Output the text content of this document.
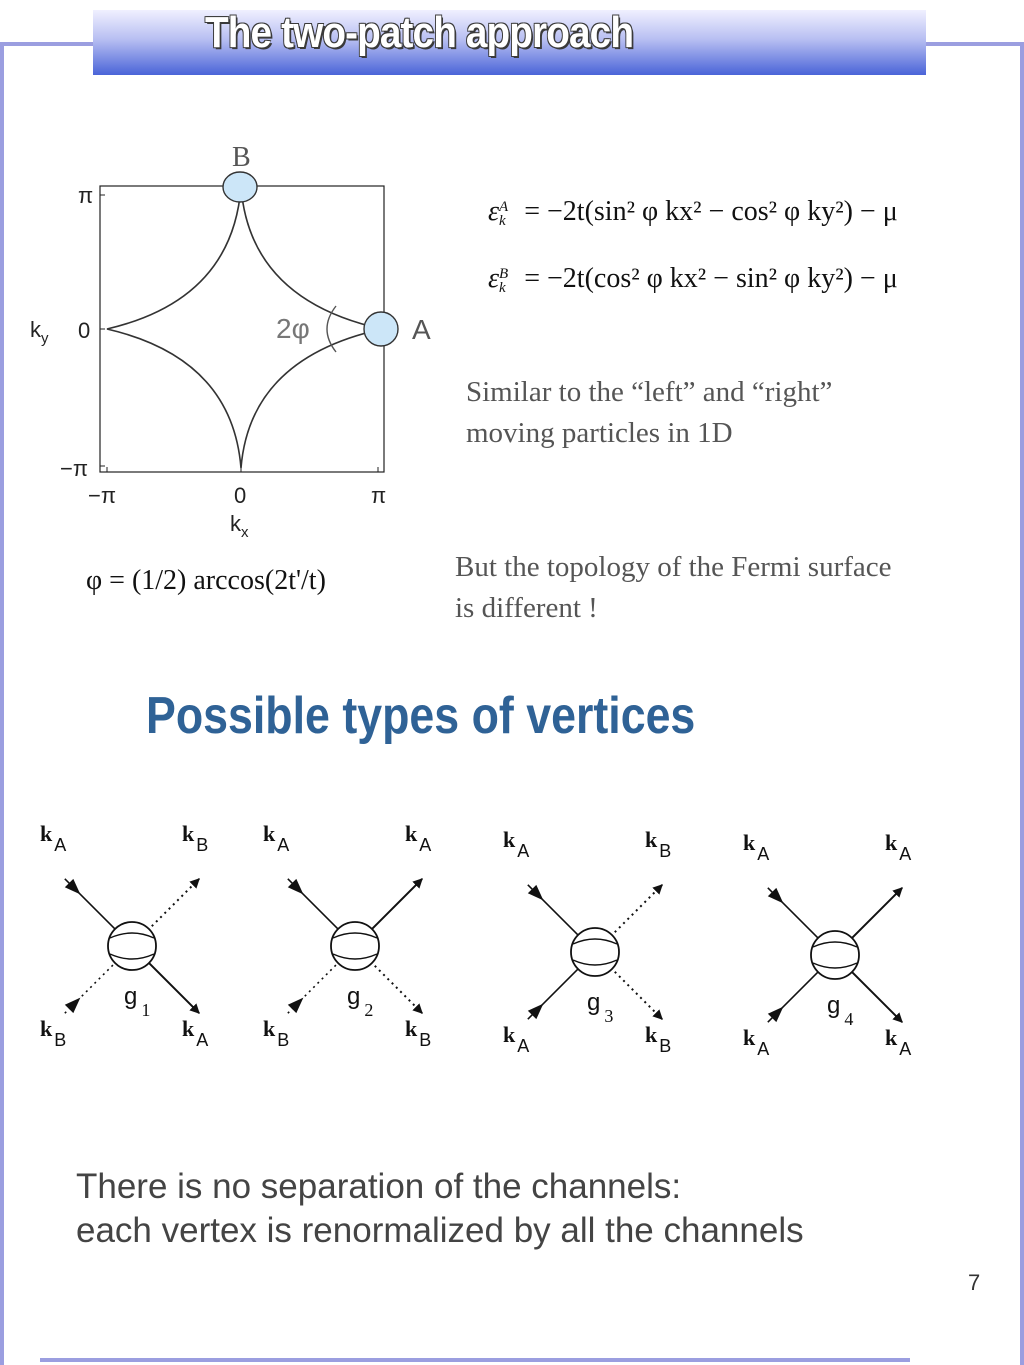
The two-patch approach
B
A
2φ
π
0
−π
−π	0	π
$k_y$
$k_x$
εA
k = −2t(sin² φ kx² − cos² φ ky²) − μ
εB
k = −2t(cos² φ kx² − sin² φ ky²) − μ
Similar to the “left” and “right”
moving particles in 1D
φ = (1/2) arccos(2t'/t)	But the topology of the Fermi surface
is different !
Possible types of vertices
g $_1$
k $_A$	k $_B$
k $_B$	k $_A$
g $_2$
k $_A$	k $_A$
k $_B$	k $_B$
g $_3$
k $_A$	k $_B$
k $_A$	k $_B$
g $_4$
k $_A$	k $_A$
k $_A$	k $_A$
There is no separation of the channels:
each vertex is renormalized by all the channels
7
